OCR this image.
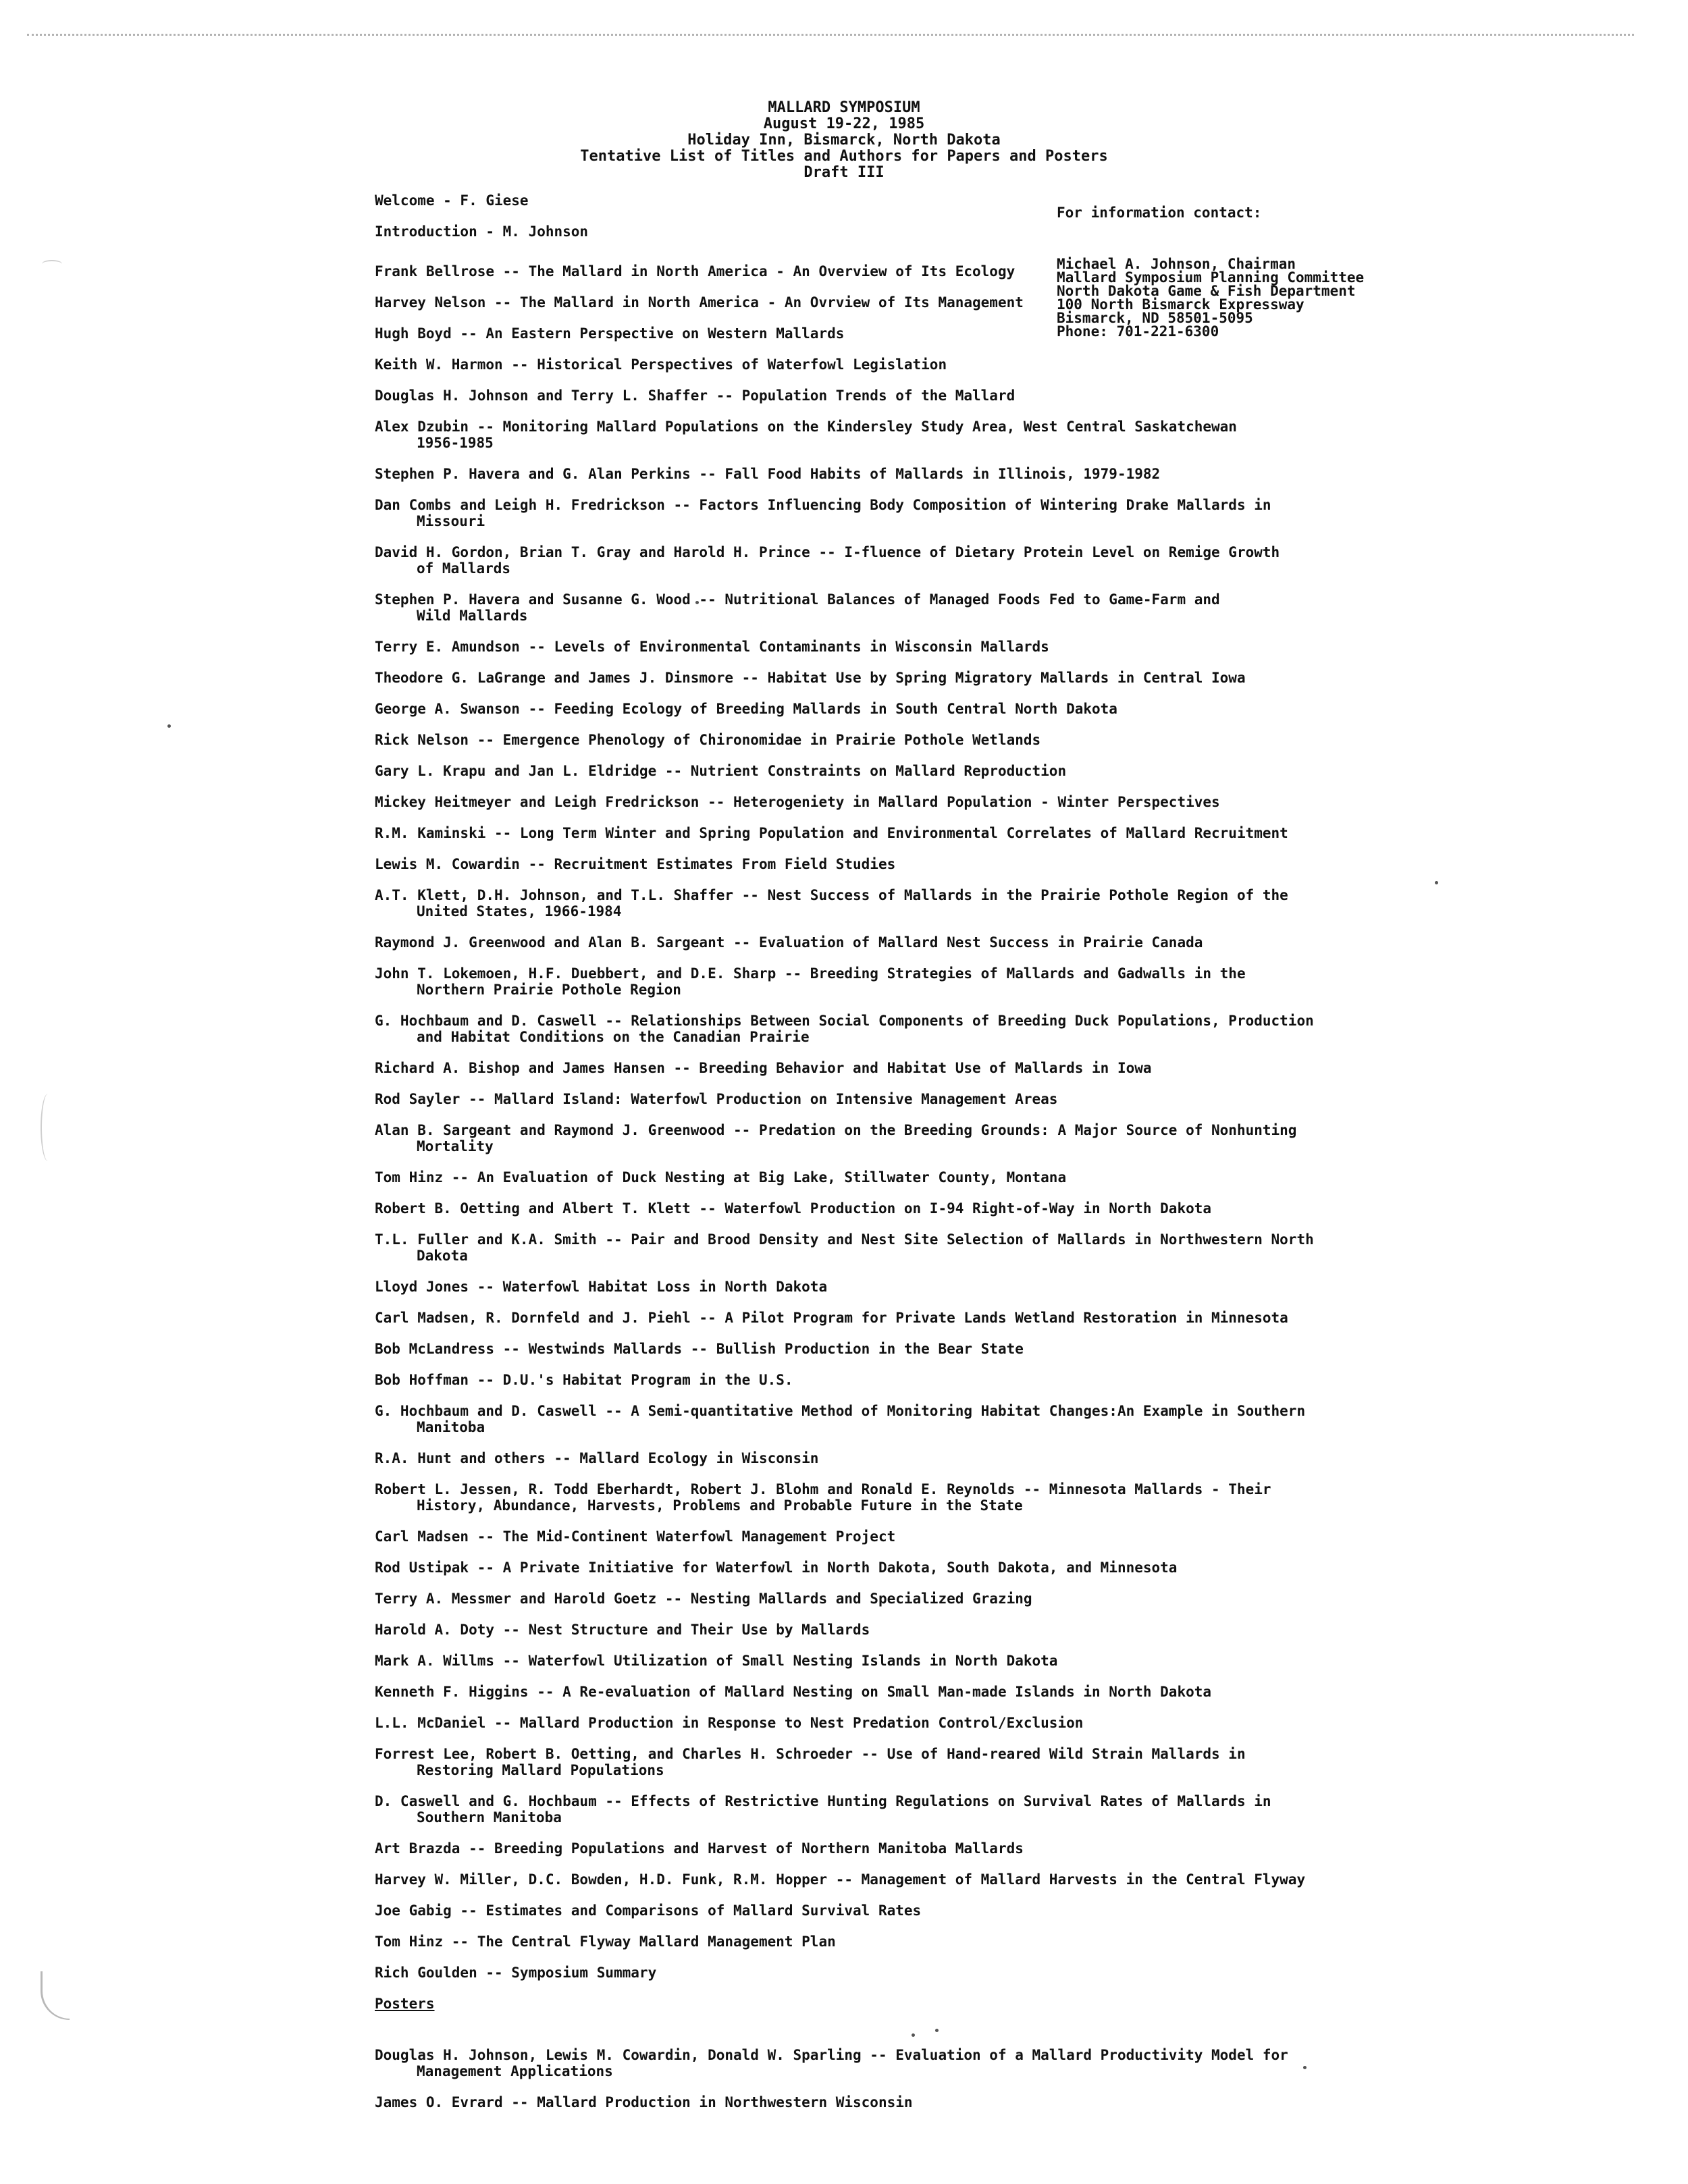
MALLARD SYMPOSIUM
August 19-22, 1985
Holiday Inn, Bismarck, North Dakota
Tentative List of Titles and Authors for Papers and Posters
Draft III
For information contact:
Michael A. Johnson, Chairman
Mallard Symposium Planning Committee
North Dakota Game & Fish Department
100 North Bismarck Expressway
Bismarck, ND 58501-5095
Phone: 701-221-6300
Welcome - F. Giese
Introduction - M. Johnson
Frank Bellrose -- The Mallard in North America - An Overview of Its Ecology
Harvey Nelson -- The Mallard in North America - An Ovrview of Its Management
Hugh Boyd -- An Eastern Perspective on Western Mallards
Keith W. Harmon -- Historical Perspectives of Waterfowl Legislation
Douglas H. Johnson and Terry L. Shaffer -- Population Trends of the Mallard
Alex Dzubin -- Monitoring Mallard Populations on the Kindersley Study Area, West Central Saskatchewan
1956-1985
Stephen P. Havera and G. Alan Perkins -- Fall Food Habits of Mallards in Illinois, 1979-1982
Dan Combs and Leigh H. Fredrickson -- Factors Influencing Body Composition of Wintering Drake Mallards in
Missouri
David H. Gordon, Brian T. Gray and Harold H. Prince -- I-fluence of Dietary Protein Level on Remige Growth
of Mallards
Stephen P. Havera and Susanne G. Wood -- Nutritional Balances of Managed Foods Fed to Game-Farm and
Wild Mallards
Terry E. Amundson -- Levels of Environmental Contaminants in Wisconsin Mallards
Theodore G. LaGrange and James J. Dinsmore -- Habitat Use by Spring Migratory Mallards in Central Iowa
George A. Swanson -- Feeding Ecology of Breeding Mallards in South Central North Dakota
Rick Nelson -- Emergence Phenology of Chironomidae in Prairie Pothole Wetlands
Gary L. Krapu and Jan L. Eldridge -- Nutrient Constraints on Mallard Reproduction
Mickey Heitmeyer and Leigh Fredrickson -- Heterogeniety in Mallard Population - Winter Perspectives
R.M. Kaminski -- Long Term Winter and Spring Population and Environmental Correlates of Mallard Recruitment
Lewis M. Cowardin -- Recruitment Estimates From Field Studies
A.T. Klett, D.H. Johnson, and T.L. Shaffer -- Nest Success of Mallards in the Prairie Pothole Region of the
United States, 1966-1984
Raymond J. Greenwood and Alan B. Sargeant -- Evaluation of Mallard Nest Success in Prairie Canada
John T. Lokemoen, H.F. Duebbert, and D.E. Sharp -- Breeding Strategies of Mallards and Gadwalls in the
Northern Prairie Pothole Region
G. Hochbaum and D. Caswell -- Relationships Between Social Components of Breeding Duck Populations, Production
and Habitat Conditions on the Canadian Prairie
Richard A. Bishop and James Hansen -- Breeding Behavior and Habitat Use of Mallards in Iowa
Rod Sayler -- Mallard Island: Waterfowl Production on Intensive Management Areas
Alan B. Sargeant and Raymond J. Greenwood -- Predation on the Breeding Grounds: A Major Source of Nonhunting
Mortality
Tom Hinz -- An Evaluation of Duck Nesting at Big Lake, Stillwater County, Montana
Robert B. Oetting and Albert T. Klett -- Waterfowl Production on I-94 Right-of-Way in North Dakota
T.L. Fuller and K.A. Smith -- Pair and Brood Density and Nest Site Selection of Mallards in Northwestern North
Dakota
Lloyd Jones -- Waterfowl Habitat Loss in North Dakota
Carl Madsen, R. Dornfeld and J. Piehl -- A Pilot Program for Private Lands Wetland Restoration in Minnesota
Bob McLandress -- Westwinds Mallards -- Bullish Production in the Bear State
Bob Hoffman -- D.U.'s Habitat Program in the U.S.
G. Hochbaum and D. Caswell -- A Semi-quantitative Method of Monitoring Habitat Changes:An Example in Southern
Manitoba
R.A. Hunt and others -- Mallard Ecology in Wisconsin
Robert L. Jessen, R. Todd Eberhardt, Robert J. Blohm and Ronald E. Reynolds -- Minnesota Mallards - Their
History, Abundance, Harvests, Problems and Probable Future in the State
Carl Madsen -- The Mid-Continent Waterfowl Management Project
Rod Ustipak -- A Private Initiative for Waterfowl in North Dakota, South Dakota, and Minnesota
Terry A. Messmer and Harold Goetz -- Nesting Mallards and Specialized Grazing
Harold A. Doty -- Nest Structure and Their Use by Mallards
Mark A. Willms -- Waterfowl Utilization of Small Nesting Islands in North Dakota
Kenneth F. Higgins -- A Re-evaluation of Mallard Nesting on Small Man-made Islands in North Dakota
L.L. McDaniel -- Mallard Production in Response to Nest Predation Control/Exclusion
Forrest Lee, Robert B. Oetting, and Charles H. Schroeder -- Use of Hand-reared Wild Strain Mallards in
Restoring Mallard Populations
D. Caswell and G. Hochbaum -- Effects of Restrictive Hunting Regulations on Survival Rates of Mallards in
Southern Manitoba
Art Brazda -- Breeding Populations and Harvest of Northern Manitoba Mallards
Harvey W. Miller, D.C. Bowden, H.D. Funk, R.M. Hopper -- Management of Mallard Harvests in the Central Flyway
Joe Gabig -- Estimates and Comparisons of Mallard Survival Rates
Tom Hinz -- The Central Flyway Mallard Management Plan
Rich Goulden -- Symposium Summary
Posters
Douglas H. Johnson, Lewis M. Cowardin, Donald W. Sparling -- Evaluation of a Mallard Productivity Model for
Management Applications
James O. Evrard -- Mallard Production in Northwestern Wisconsin
